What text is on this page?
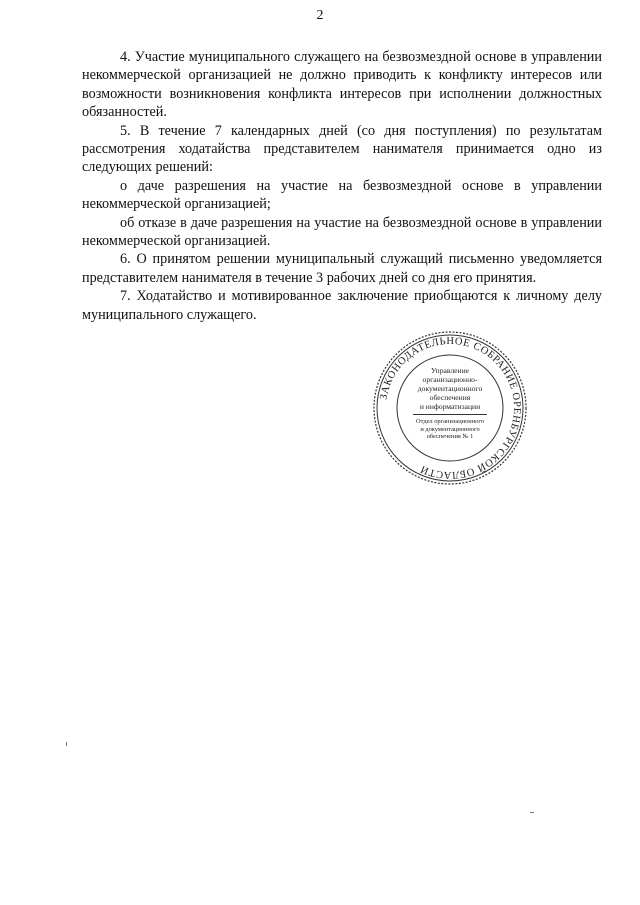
2

4. Участие муниципального служащего на безвозмездной основе в управлении некоммерческой организацией не должно приводить к конфликту интересов или возможности возникновения конфликта интересов при исполнении должностных обязанностей.

5. В течение 7 календарных дней (со дня поступления) по результатам рассмотрения ходатайства представителем нанимателя принимается одно из следующих решений:

о даче разрешения на участие на безвозмездной основе в управлении некоммерческой организацией;

об отказе в даче разрешения на участие на безвозмездной основе в управлении некоммерческой организацией.

6. О принятом решении муниципальный служащий письменно уведомляется представителем нанимателя в течение 3 рабочих дней со дня его принятия.

7. Ходатайство и мотивированное заключение приобщаются к личному делу муниципального служащего.

ЗАКОНОДАТЕЛЬНОЕ СОБРАНИЕ ОРЕНБУРГСКОЙ ОБЛАСТИ
Управление
организационно-
документационного
обеспечения
и информатизации
Отдел организационного
и документационного
обеспечения № 1
